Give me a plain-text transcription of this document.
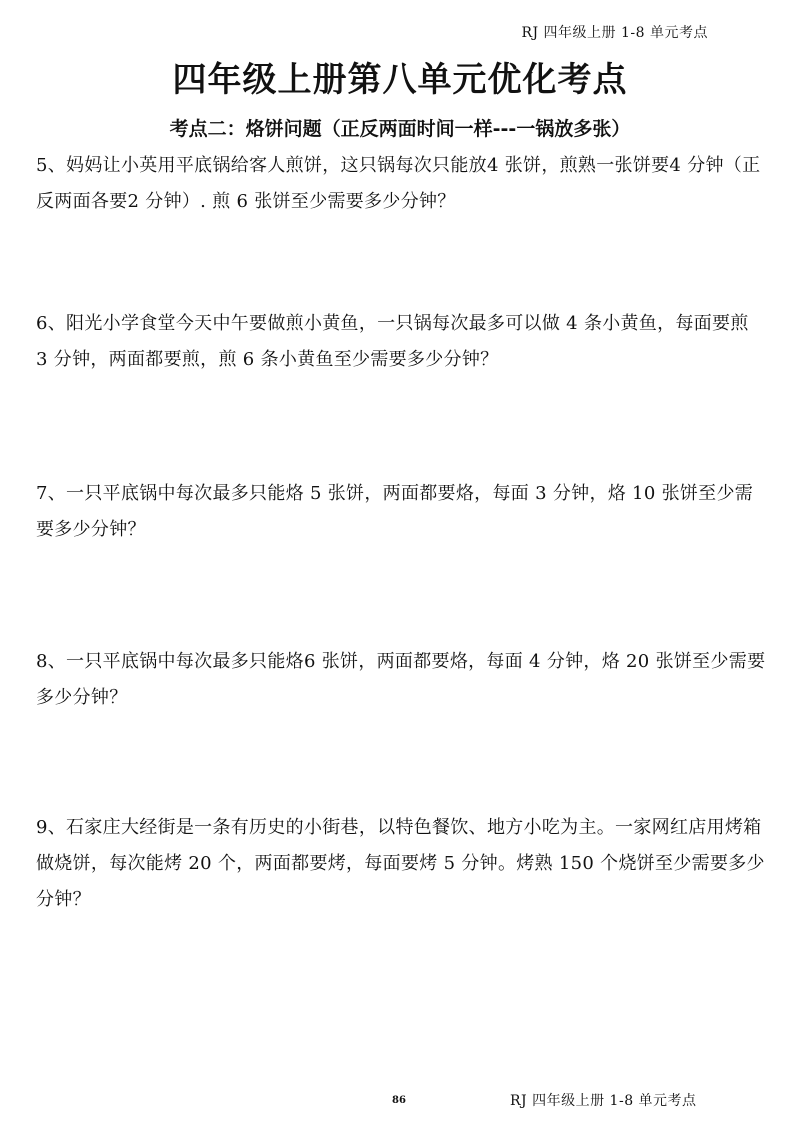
RJ 四年级上册 1-8 单元考点
四年级上册第八单元优化考点
考点二：烙饼问题（正反两面时间一样---一锅放多张）
5、妈妈让小英用平底锅给客人煎饼，这只锅每次只能放4 张饼，煎熟一张饼要4 分钟（正反两面各要2 分钟）. 煎 6 张饼至少需要多少分钟？
6、阳光小学食堂今天中午要做煎小黄鱼，一只锅每次最多可以做 4 条小黄鱼，每面要煎 3 分钟，两面都要煎，煎 6 条小黄鱼至少需要多少分钟？
7、一只平底锅中每次最多只能烙 5 张饼，两面都要烙，每面 3 分钟，烙 10 张饼至少需要多少分钟？
8、一只平底锅中每次最多只能烙6 张饼，两面都要烙，每面 4 分钟，烙 20 张饼至少需要多少分钟？
9、石家庄大经街是一条有历史的小街巷，以特色餐饮、地方小吃为主。一家网红店用烤箱做烧饼，每次能烤 20 个，两面都要烤，每面要烤 5 分钟。烤熟 150 个烧饼至少需要多少分钟？
86	RJ 四年级上册 1-8 单元考点
